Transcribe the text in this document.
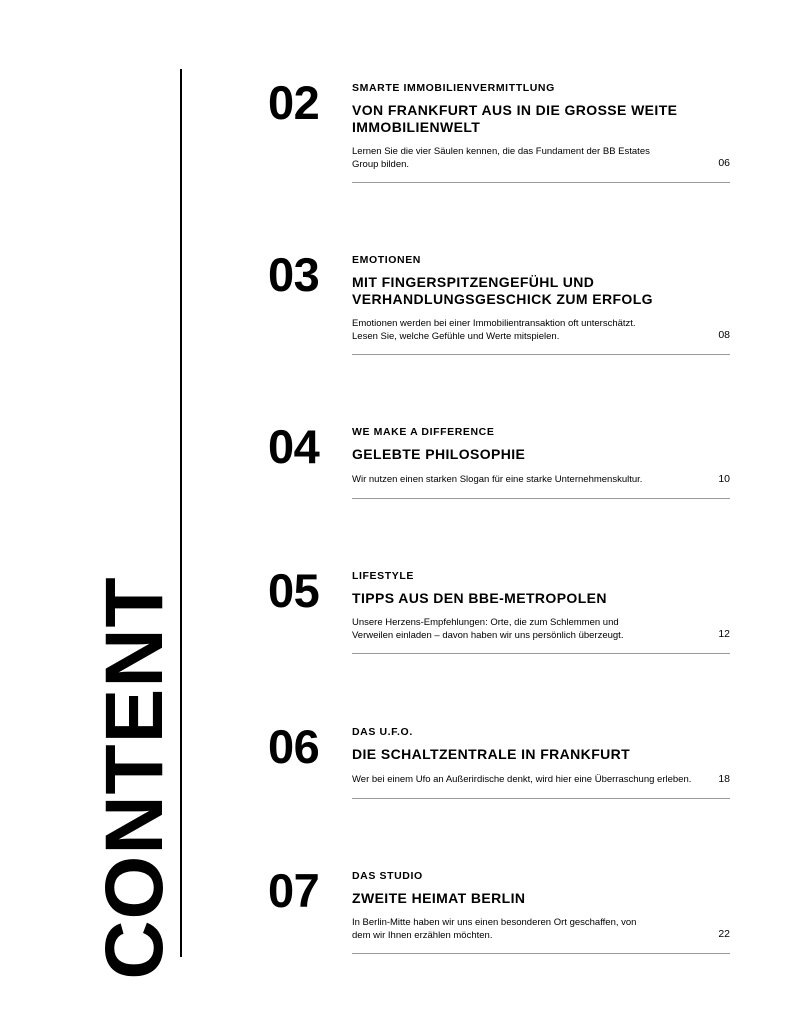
CONTENT
02	SMARTE IMMOBILIENVERMITTLUNG
VON FRANKFURT AUS IN DIE GROSSE WEITE IMMOBILIENWELT
Lernen Sie die vier Säulen kennen, die das Fundament der BB Estates Group bilden.	06
03	EMOTIONEN
MIT FINGERSPITZENGEFÜHL UND VERHANDLUNGSGESCHICK ZUM ERFOLG
Emotionen werden bei einer Immobilientransaktion oft unterschätzt. Lesen Sie, welche Gefühle und Werte mitspielen.	08
04	WE MAKE A DIFFERENCE
GELEBTE PHILOSOPHIE
Wir nutzen einen starken Slogan für eine starke Unternehmenskultur.	10
05	LIFESTYLE
TIPPS AUS DEN BBE-METROPOLEN
Unsere Herzens-Empfehlungen: Orte, die zum Schlemmen und Verweilen einladen – davon haben wir uns persönlich überzeugt.	12
06	DAS U.F.O.
DIE SCHALTZENTRALE IN FRANKFURT
Wer bei einem Ufo an Außerirdische denkt, wird hier eine Überraschung erleben.	18
07	DAS STUDIO
ZWEITE HEIMAT BERLIN
In Berlin-Mitte haben wir uns einen besonderen Ort geschaffen, von dem wir Ihnen erzählen möchten.	22
